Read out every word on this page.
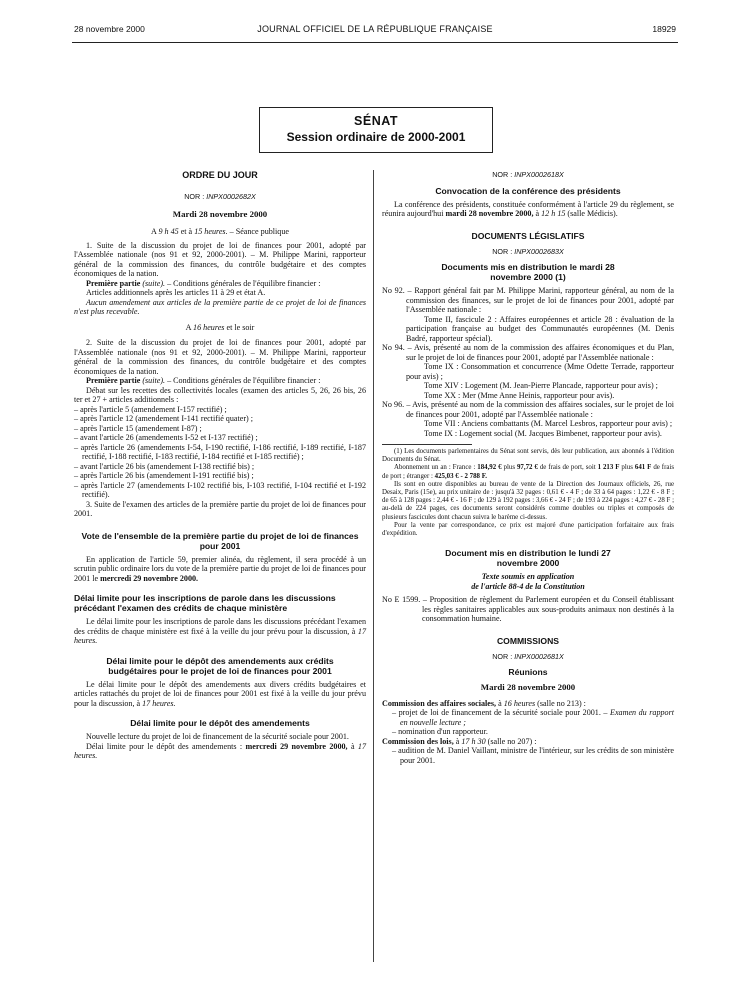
28 novembre 2000	JOURNAL OFFICIEL DE LA RÉPUBLIQUE FRANÇAISE	18929
SÉNAT
Session ordinaire de 2000-2001
ORDRE DU JOUR
NOR : INPX0002682X
Mardi 28 novembre 2000
A 9 h 45 et à 15 heures. – Séance publique

1. Suite de la discussion du projet de loi de finances pour 2001, adopté par l'Assemblée nationale (nos 91 et 92, 2000-2001). – M. Philippe Marini, rapporteur général de la commission des finances, du contrôle budgétaire et des comptes économiques de la nation.

Première partie (suite). – Conditions générales de l'équilibre financier :

Articles additionnels après les articles 11 à 29 et état A.

Aucun amendement aux articles de la première partie de ce projet de loi de finances n'est plus recevable.

A 16 heures et le soir

2. Suite de la discussion du projet de loi de finances pour 2001, adopté par l'Assemblée nationale (nos 91 et 92, 2000-2001). – M. Philippe Marini, rapporteur général de la commission des finances, du contrôle budgétaire et des comptes économiques de la nation.

Première partie (suite). – Conditions générales de l'équilibre financier :

Débat sur les recettes des collectivités locales (examen des articles 5, 26, 26 bis, 26 ter et 27 + articles additionnels :

– après l'article 5 (amendement I-157 rectifié) ;
– après l'article 12 (amendement I-141 rectifié quater) ;
– après l'article 15 (amendement I-87) ;
– avant l'article 26 (amendements I-52 et I-137 rectifié) ;
– après l'article 26 (amendements I-54, I-190 rectifié, I-186 rectifié, I-189 rectifié, I-187 rectifié, I-188 rectifié, I-183 rectifié, I-184 rectifié et I-185 rectifié) ;
– avant l'article 26 bis (amendement I-138 rectifié bis) ;
– après l'article 26 bis (amendement I-191 rectifié bis) ;
– après l'article 27 (amendements I-102 rectifié bis, I-103 rectifié, I-104 rectifié et I-192 rectifié).

3. Suite de l'examen des articles de la première partie du projet de loi de finances pour 2001.

Vote de l'ensemble de la première partie du projet de loi de finances pour 2001

En application de l'article 59, premier alinéa, du règlement, il sera procédé à un scrutin public ordinaire lors du vote de la première partie du projet de loi de finances pour 2001 le mercredi 29 novembre 2000.

Délai limite pour les inscriptions de parole dans les discussions précédant l'examen des crédits de chaque ministère

Le délai limite pour les inscriptions de parole dans les discussions précédant l'examen des crédits de chaque ministère est fixé à la veille du jour prévu pour la discussion, à 17 heures.

Délai limite pour le dépôt des amendements aux crédits budgétaires pour le projet de loi de finances pour 2001

Le délai limite pour le dépôt des amendements aux divers crédits budgétaires et articles rattachés du projet de loi de finances pour 2001 est fixé à la veille du jour prévu pour la discussion, à 17 heures.

Délai limite pour le dépôt des amendements

Nouvelle lecture du projet de loi de financement de la sécurité sociale pour 2001.

Délai limite pour le dépôt des amendements : mercredi 29 novembre 2000, à 17 heures.

NOR : INPX0002618X
Convocation de la conférence des présidents

La conférence des présidents, constituée conformément à l'article 29 du règlement, se réunira aujourd'hui mardi 28 novembre 2000, à 12 h 15 (salle Médicis).

DOCUMENTS LÉGISLATIFS
NOR : INPX0002683X
Documents mis en distribution le mardi 28 novembre 2000 (1)

No 92. – Rapport général fait par M. Philippe Marini, rapporteur général, au nom de la commission des finances, sur le projet de loi de finances pour 2001, adopté par l'Assemblée nationale :

Tome II, fascicule 2 : Affaires européennes et article 28 : évaluation de la participation française au budget des Communautés européennes (M. Denis Badré, rapporteur spécial).

No 94. – Avis, présenté au nom de la commission des affaires économiques et du Plan, sur le projet de loi de finances pour 2001, adopté par l'Assemblée nationale :

Tome IX : Consommation et concurrence (Mme Odette Terrade, rapporteur pour avis) ;

Tome XIV : Logement (M. Jean-Pierre Plancade, rapporteur pour avis) ;

Tome XX : Mer (Mme Anne Heinis, rapporteur pour avis).

No 96. – Avis, présenté au nom de la commission des affaires sociales, sur le projet de loi de finances pour 2001, adopté par l'Assemblée nationale :

Tome VII : Anciens combattants (M. Marcel Lesbros, rapporteur pour avis) ;

Tome IX : Logement social (M. Jacques Bimbenet, rapporteur pour avis).

(1) Les documents parlementaires du Sénat sont servis, dès leur publication, aux abonnés à l'édition Documents du Sénat.

Abonnement un an : France : 184,92 € plus 97,72 € de frais de port, soit 1 213 F plus 641 F de frais de port ; étranger : 425,03 € - 2 788 F.

Ils sont en outre disponibles au bureau de vente de la Direction des Journaux officiels, 26, rue Desaix, Paris (15e), au prix unitaire de : jusqu'à 32 pages : 0,61 € - 4 F ; de 33 à 64 pages : 1,22 € - 8 F ; de 65 à 128 pages : 2,44 € - 16 F ; de 129 à 192 pages : 3,66 € - 24 F ; de 193 à 224 pages : 4,27 € - 28 F ; au-delà de 224 pages, ces documents seront considérés comme doubles ou triples et composés de plusieurs fascicules dont chacun suivra le barème ci-dessus.

Pour la vente par correspondance, ce prix est majoré d'une participation forfaitaire aux frais d'expédition.

Document mis en distribution le lundi 27 novembre 2000
Texte soumis en application
de l'article 88-4 de la Constitution

No E 1599. – Proposition de règlement du Parlement européen et du Conseil établissant les règles sanitaires applicables aux sous-produits animaux non destinés à la consommation humaine.

COMMISSIONS
NOR : INPX0002681X
Réunions
Mardi 28 novembre 2000

Commission des affaires sociales, à 16 heures (salle no 213) :

– projet de loi de financement de la sécurité sociale pour 2001. – Examen du rapport en nouvelle lecture ;
– nomination d'un rapporteur.

Commission des lois, à 17 h 30 (salle no 207) :

– audition de M. Daniel Vaillant, ministre de l'intérieur, sur les crédits de son ministère pour 2001.
